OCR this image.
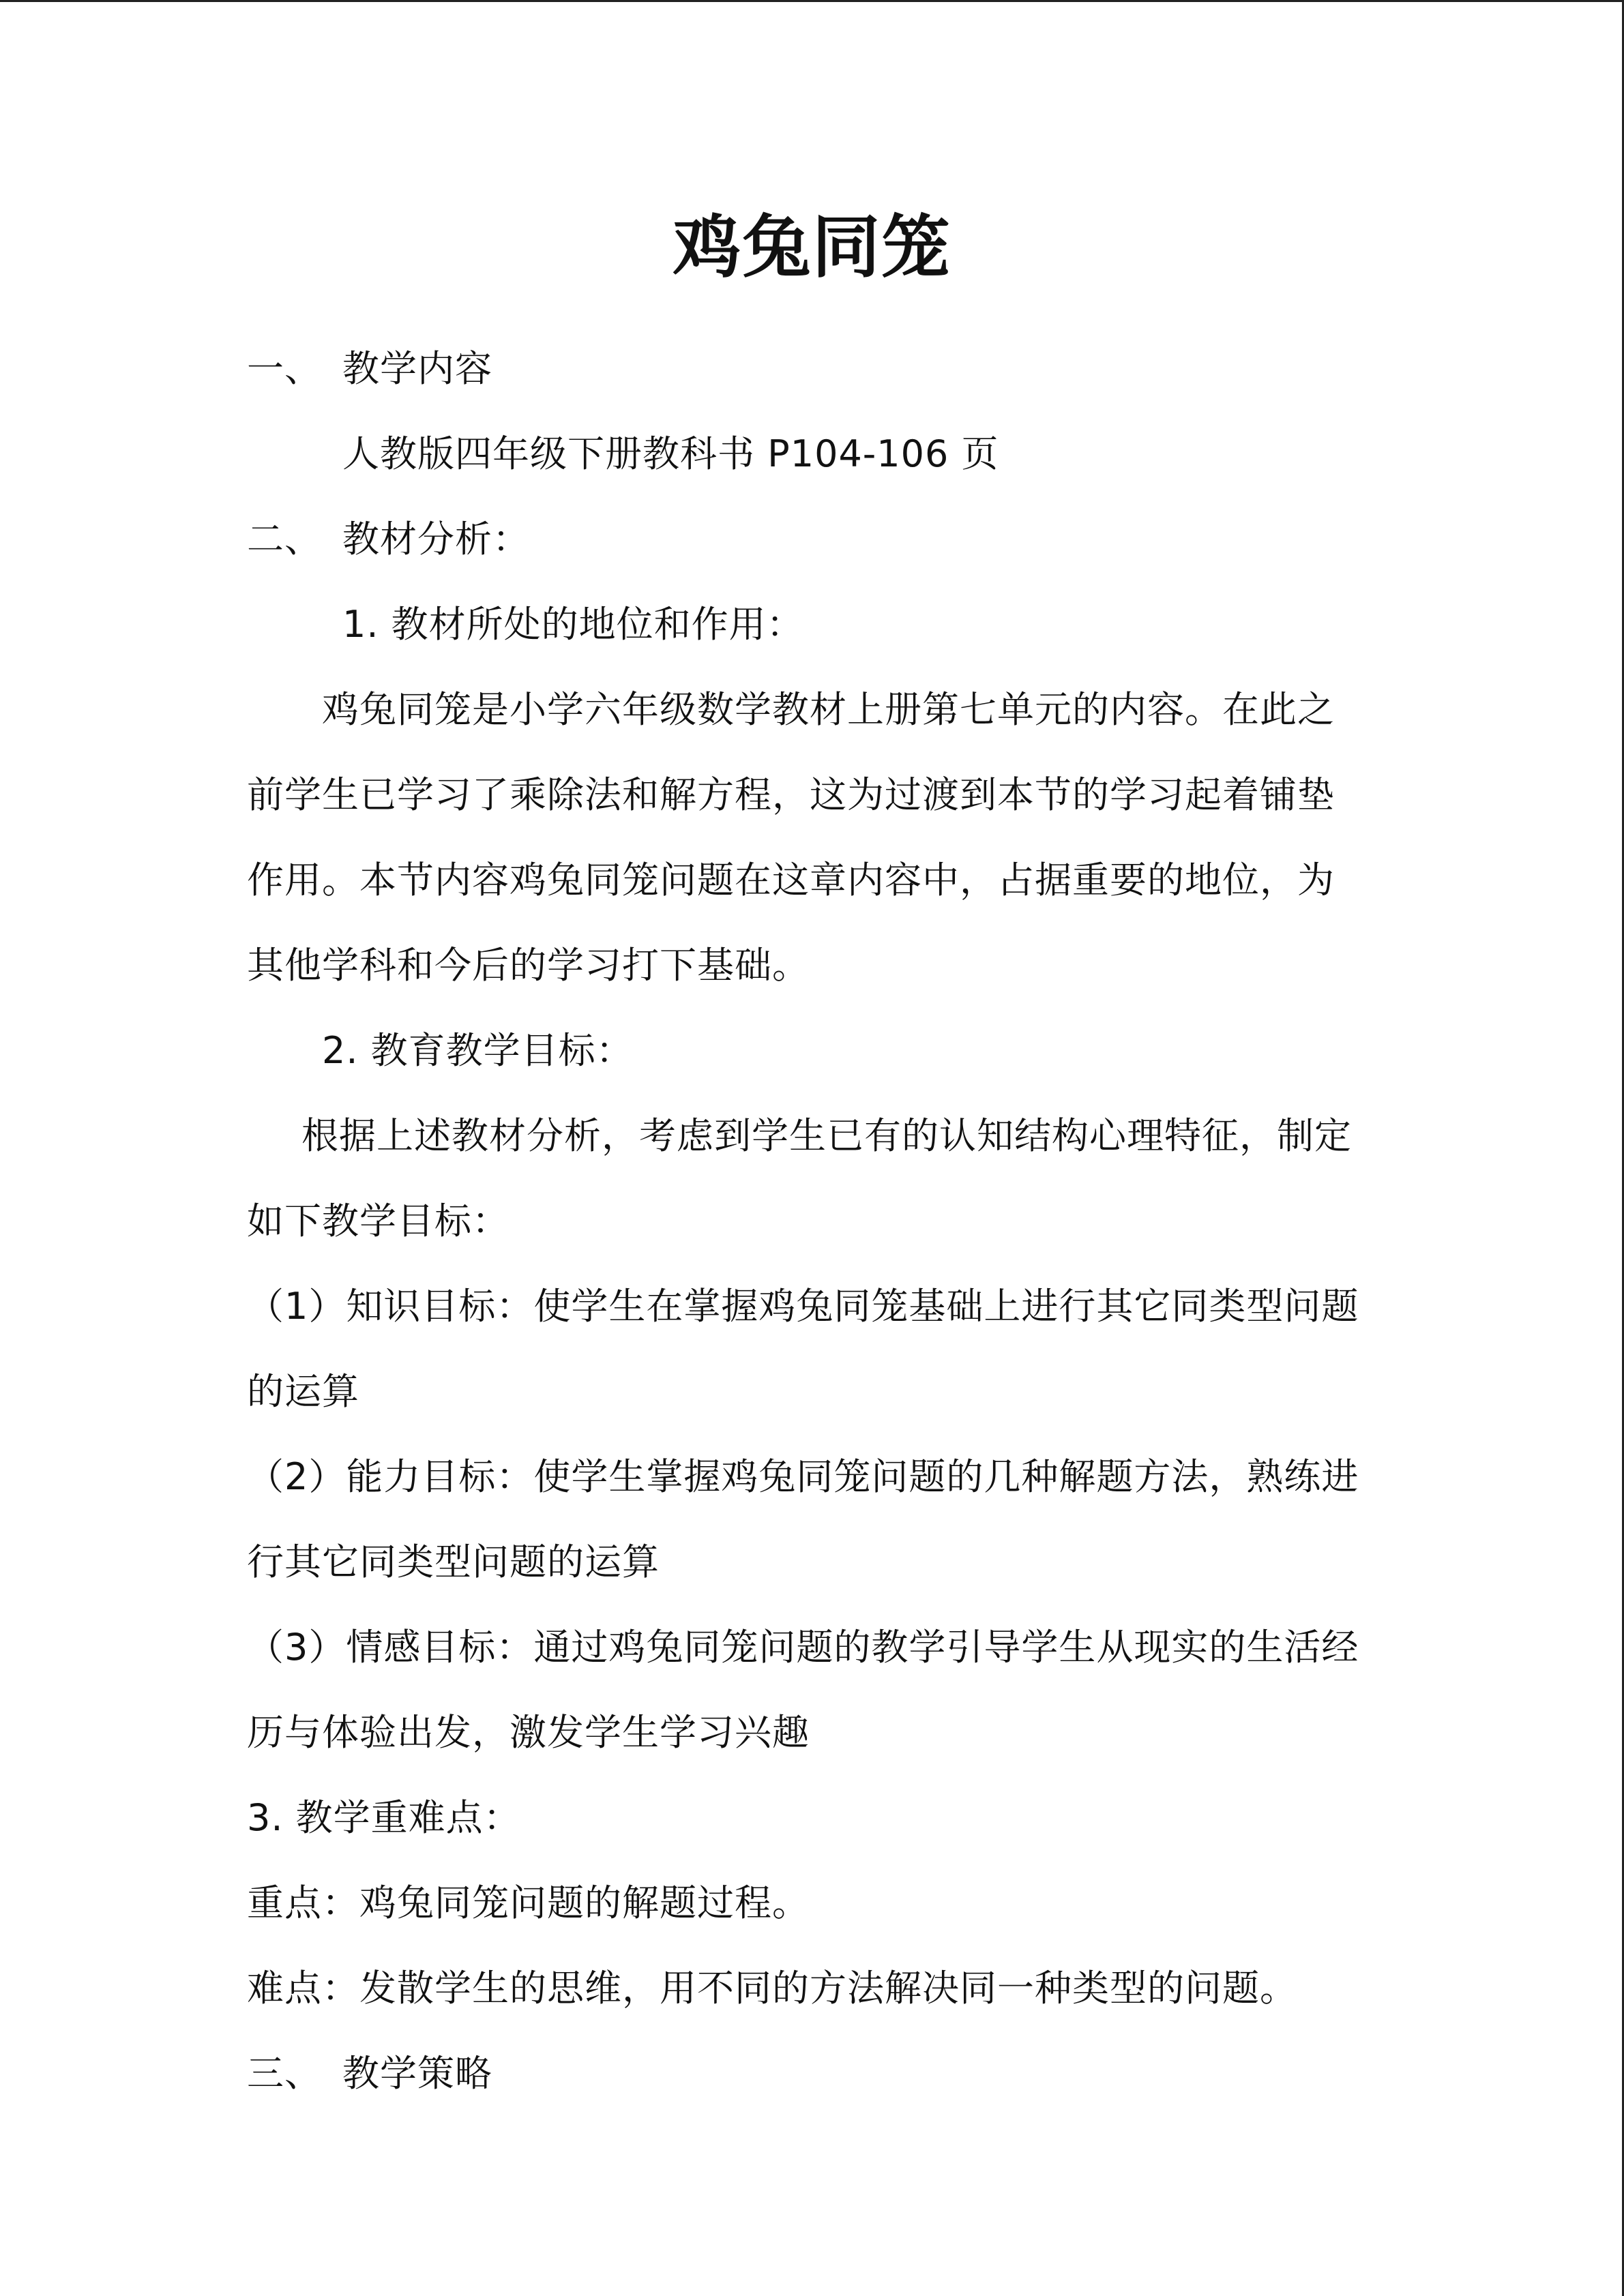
鸡兔同笼
一、 教学内容
人教版四年级下册教科书 P104-106 页
二、 教材分析：
1. 教材所处的地位和作用：
鸡兔同笼是小学六年级数学教材上册第七单元的内容。在此之
前学生已学习了乘除法和解方程，这为过渡到本节的学习起着铺垫
作用。本节内容鸡兔同笼问题在这章内容中，占据重要的地位，为
其他学科和今后的学习打下基础。
2. 教育教学目标：
根据上述教材分析，考虑到学生已有的认知结构心理特征，制定
如下教学目标：
（1）知识目标：使学生在掌握鸡兔同笼基础上进行其它同类型问题
的运算
（2）能力目标：使学生掌握鸡兔同笼问题的几种解题方法，熟练进
行其它同类型问题的运算
（3）情感目标：通过鸡兔同笼问题的教学引导学生从现实的生活经
历与体验出发，激发学生学习兴趣
3. 教学重难点：
重点：鸡兔同笼问题的解题过程。
难点：发散学生的思维，用不同的方法解决同一种类型的问题。
三、 教学策略
